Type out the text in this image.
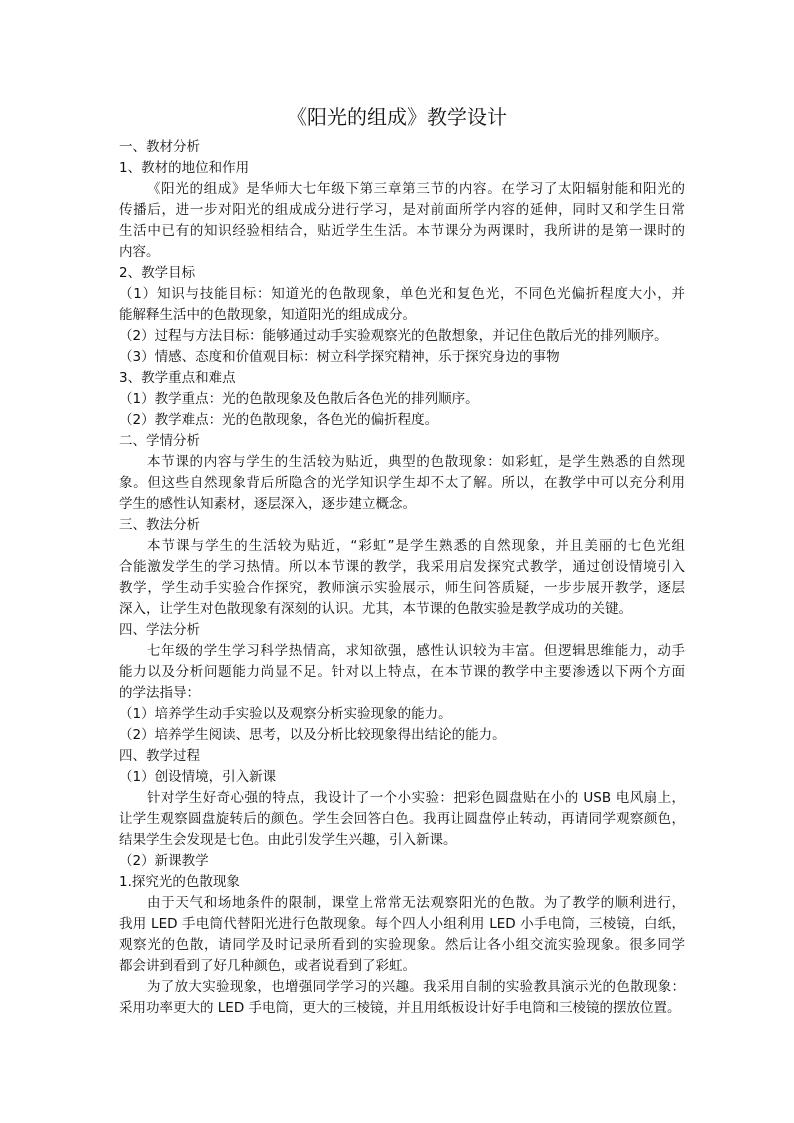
《阳光的组成》教学设计
一、教材分析
1、教材的地位和作用
《阳光的组成》是华师大七年级下第三章第三节的内容。在学习了太阳辐射能和阳光的
传播后，进一步对阳光的组成成分进行学习，是对前面所学内容的延伸，同时又和学生日常
生活中已有的知识经验相结合，贴近学生生活。本节课分为两课时，我所讲的是第一课时的
内容。
2、教学目标
（1）知识与技能目标：知道光的色散现象，单色光和复色光，不同色光偏折程度大小，并
能解释生活中的色散现象，知道阳光的组成成分。
（2）过程与方法目标：能够通过动手实验观察光的色散想象，并记住色散后光的排列顺序。
（3）情感、态度和价值观目标：树立科学探究精神，乐于探究身边的事物
3、教学重点和难点
（1）教学重点：光的色散现象及色散后各色光的排列顺序。
（2）教学难点：光的色散现象，各色光的偏折程度。
二、学情分析
本节课的内容与学生的生活较为贴近，典型的色散现象：如彩虹，是学生熟悉的自然现
象。但这些自然现象背后所隐含的光学知识学生却不太了解。所以，在教学中可以充分利用
学生的感性认知素材，逐层深入，逐步建立概念。
三、教法分析
本节课与学生的生活较为贴近，“彩虹”是学生熟悉的自然现象，并且美丽的七色光组
合能激发学生的学习热情。所以本节课的教学，我采用启发探究式教学，通过创设情境引入
教学，学生动手实验合作探究，教师演示实验展示，师生问答质疑，一步步展开教学，逐层
深入，让学生对色散现象有深刻的认识。尤其，本节课的色散实验是教学成功的关键。
四、学法分析
七年级的学生学习科学热情高，求知欲强，感性认识较为丰富。但逻辑思维能力，动手
能力以及分析问题能力尚显不足。针对以上特点，在本节课的教学中主要渗透以下两个方面
的学法指导：
（1）培养学生动手实验以及观察分析实验现象的能力。
（2）培养学生阅读、思考，以及分析比较现象得出结论的能力。
四、教学过程
（1）创设情境，引入新课
针对学生好奇心强的特点，我设计了一个小实验：把彩色圆盘贴在小的 USB 电风扇上，
让学生观察圆盘旋转后的颜色。学生会回答白色。我再让圆盘停止转动，再请同学观察颜色，
结果学生会发现是七色。由此引发学生兴趣，引入新课。
（2）新课教学
1.探究光的色散现象
由于天气和场地条件的限制，课堂上常常无法观察阳光的色散。为了教学的顺利进行，
我用 LED 手电筒代替阳光进行色散现象。每个四人小组利用 LED 小手电筒，三棱镜，白纸，
观察光的色散，请同学及时记录所看到的实验现象。然后让各小组交流实验现象。很多同学
都会讲到看到了好几种颜色，或者说看到了彩虹。
为了放大实验现象，也增强同学学习的兴趣。我采用自制的实验教具演示光的色散现象：
采用功率更大的 LED 手电筒，更大的三棱镜，并且用纸板设计好手电筒和三棱镜的摆放位置。
